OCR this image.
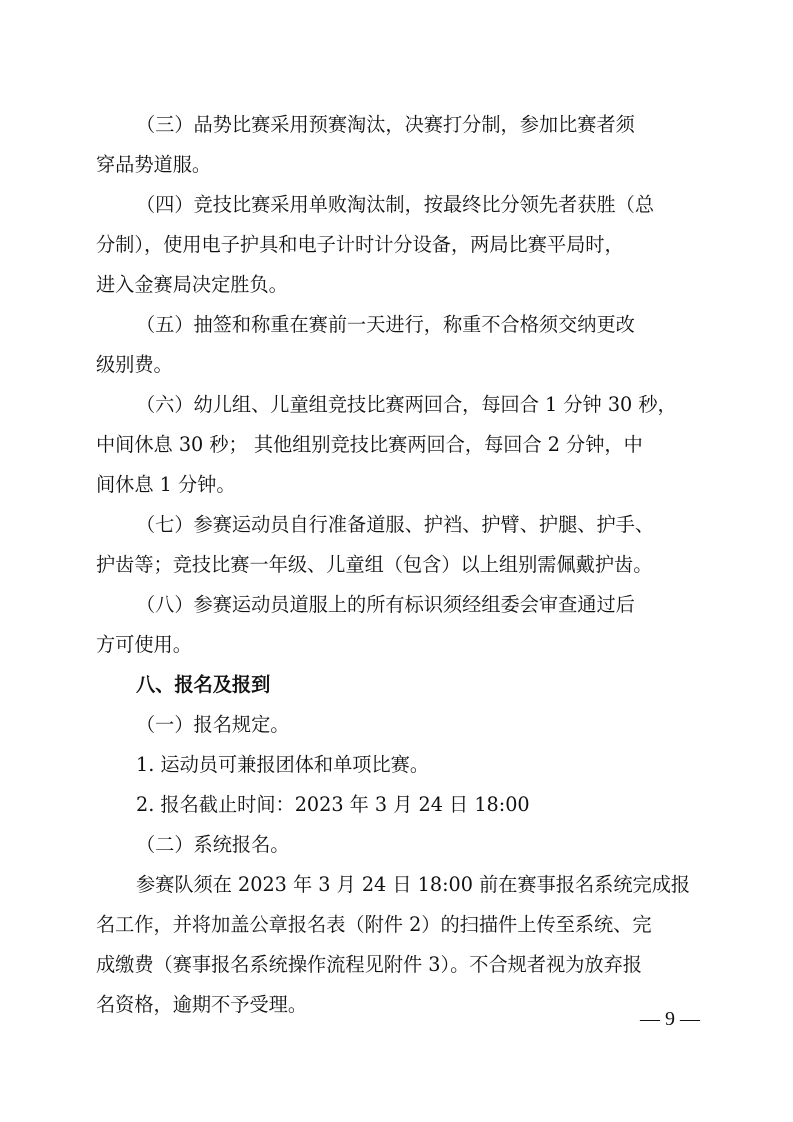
（三）品势比赛采用预赛淘汰，决赛打分制，参加比赛者须
穿品势道服。
（四）竞技比赛采用单败淘汰制，按最终比分领先者获胜（总
分制），使用电子护具和电子计时计分设备，两局比赛平局时，
进入金赛局决定胜负。
（五）抽签和称重在赛前一天进行，称重不合格须交纳更改
级别费。
（六）幼儿组、儿童组竞技比赛两回合，每回合 1 分钟 30 秒，
中间休息 30 秒； 其他组别竞技比赛两回合，每回合 2 分钟，中
间休息 1 分钟。
（七）参赛运动员自行准备道服、护裆、护臂、护腿、护手、
护齿等；竞技比赛一年级、儿童组（包含）以上组别需佩戴护齿。
（八）参赛运动员道服上的所有标识须经组委会审查通过后
方可使用。
八、报名及报到
（一）报名规定。
1. 运动员可兼报团体和单项比赛。
2. 报名截止时间：2023 年 3 月 24 日 18:00
（二）系统报名。
参赛队须在 2023 年 3 月 24 日 18:00 前在赛事报名系统完成报
名工作，并将加盖公章报名表（附件 2）的扫描件上传至系统、完
成缴费（赛事报名系统操作流程见附件 3）。不合规者视为放弃报
名资格，逾期不予受理。
— 9 —
